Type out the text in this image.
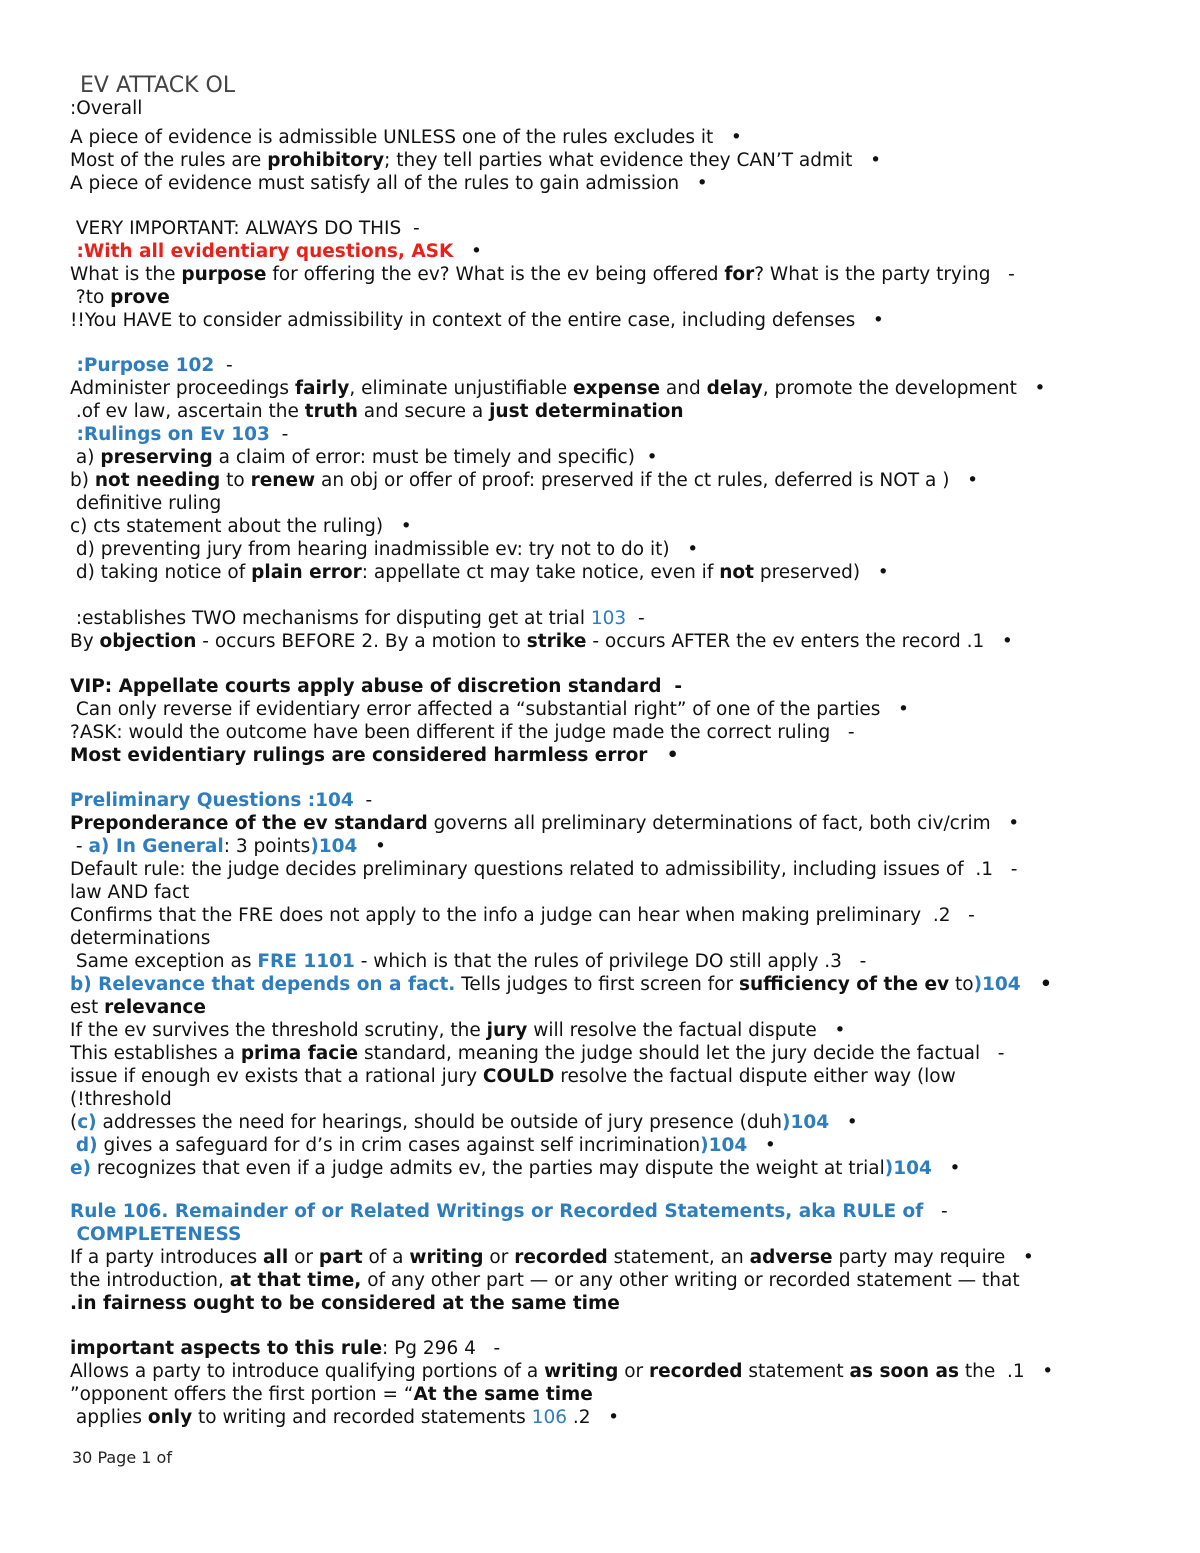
EV ATTACK OL
:Overall
A piece of evidence is admissible UNLESS one of the rules excludes it   •
Most of the rules are prohibitory; they tell parties what evidence they CAN’T admit   •
A piece of evidence must satisfy all of the rules to gain admission   •
VERY IMPORTANT: ALWAYS DO THIS  -
:With all evidentiary questions, ASK   •
What is the purpose for offering the ev? What is the ev being offered for? What is the party trying   -
?to prove
!!You HAVE to consider admissibility in context of the entire case, including defenses   •
:Purpose 102  -
Administer proceedings fairly, eliminate unjustifiable expense and delay, promote the development   •
.of ev law, ascertain the truth and secure a just determination
:Rulings on Ev 103  -
a) preserving a claim of error: must be timely and specific)  •
b) not needing to renew an obj or offer of proof: preserved if the ct rules, deferred is NOT a )   •
definitive ruling
c) cts statement about the ruling)   •
d) preventing jury from hearing inadmissible ev: try not to do it)   •
d) taking notice of plain error: appellate ct may take notice, even if not preserved)   •
:establishes TWO mechanisms for disputing get at trial 103  -
By objection - occurs BEFORE 2. By a motion to strike - occurs AFTER the ev enters the record .1   •
VIP: Appellate courts apply abuse of discretion standard  -
Can only reverse if evidentiary error affected a “substantial right” of one of the parties   •
?ASK: would the outcome have been different if the judge made the correct ruling   -
Most evidentiary rulings are considered harmless error   •
Preliminary Questions :104  -
Preponderance of the ev standard governs all preliminary determinations of fact, both civ/crim   •
- a) In General: 3 points)104   •
Default rule: the judge decides preliminary questions related to admissibility, including issues of  .1   -
law AND fact
Confirms that the FRE does not apply to the info a judge can hear when making preliminary  .2   -
determinations
Same exception as FRE 1101 - which is that the rules of privilege DO still apply .3   -
b) Relevance that depends on a fact. Tells judges to first screen for sufficiency of the ev to)104   •
est relevance
If the ev survives the threshold scrutiny, the jury will resolve the factual dispute   •
This establishes a prima facie standard, meaning the judge should let the jury decide the factual   -
issue if enough ev exists that a rational jury COULD resolve the factual dispute either way (low
(!threshold
(c) addresses the need for hearings, should be outside of jury presence (duh)104   •
d) gives a safeguard for d’s in crim cases against self incrimination)104   •
e) recognizes that even if a judge admits ev, the parties may dispute the weight at trial)104   •
Rule 106. Remainder of or Related Writings or Recorded Statements, aka RULE of   -
COMPLETENESS
If a party introduces all or part of a writing or recorded statement, an adverse party may require   •
the introduction, at that time, of any other part — or any other writing or recorded statement — that
.in fairness ought to be considered at the same time
important aspects to this rule: Pg 296 4   -
Allows a party to introduce qualifying portions of a writing or recorded statement as soon as the  .1   •
”opponent offers the first portion = “At the same time
applies only to writing and recorded statements 106 .2   •
30 Page 1 of
